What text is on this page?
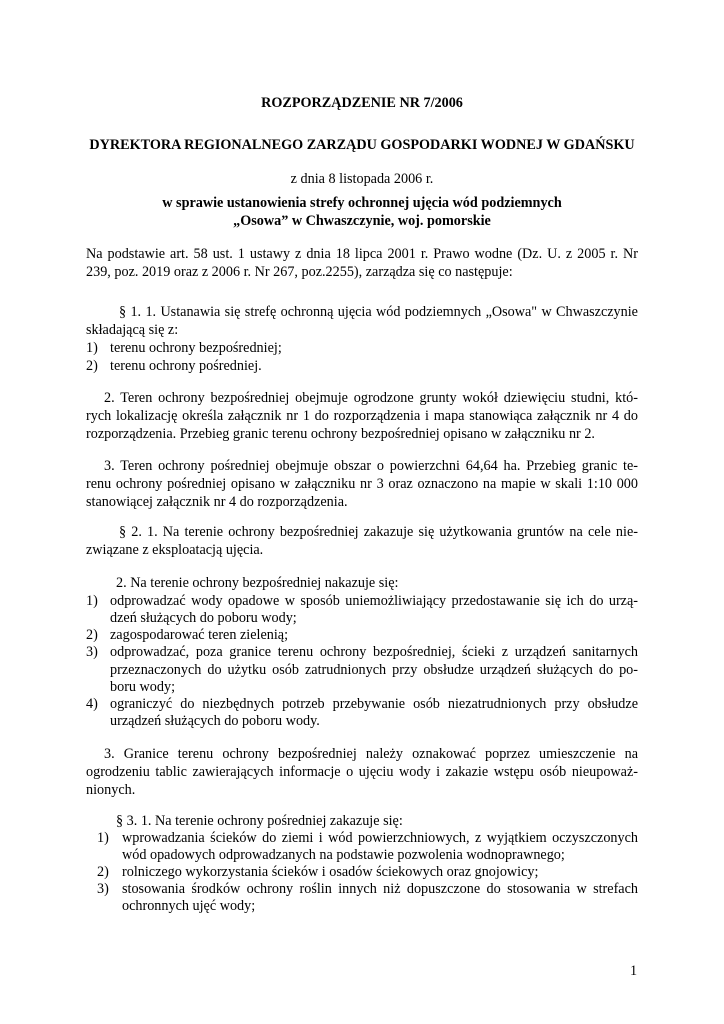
ROZPORZĄDZENIE NR 7/2006
DYREKTORA REGIONALNEGO ZARZĄDU GOSPODARKI WODNEJ W GDAŃSKU
z dnia 8 listopada 2006 r.
w sprawie ustanowienia strefy ochronnej ujęcia wód podziemnych
„Osowa” w Chwaszczynie, woj. pomorskie
Na podstawie art. 58 ust. 1 ustawy z dnia 18 lipca 2001 r. Prawo wodne (Dz. U. z 2005 r. Nr
239, poz. 2019 oraz z 2006 r. Nr 267, poz.2255), zarządza się co następuje:
§ 1. 1. Ustanawia się strefę ochronną ujęcia wód podziemnych „Osowa" w Chwaszczynie
składającą się z:
1) terenu ochrony bezpośredniej;
2) terenu ochrony pośredniej.
2. Teren ochrony bezpośredniej obejmuje ogrodzone grunty wokół dziewięciu studni, któ-
rych lokalizację określa załącznik nr 1 do rozporządzenia i mapa stanowiąca załącznik nr 4 do
rozporządzenia. Przebieg granic terenu ochrony bezpośredniej opisano w załączniku nr 2.
3. Teren ochrony pośredniej obejmuje obszar o powierzchni 64,64 ha. Przebieg granic te-
renu ochrony pośredniej opisano w załączniku nr 3 oraz oznaczono na mapie w skali 1:10 000
stanowiącej załącznik nr 4 do rozporządzenia.
§ 2. 1. Na terenie ochrony bezpośredniej zakazuje się użytkowania gruntów na cele nie-
związane z eksploatacją ujęcia.
2. Na terenie ochrony bezpośredniej nakazuje się:
1) odprowadzać wody opadowe w sposób uniemożliwiający przedostawanie się ich do urzą-
dzeń służących do poboru wody;
2) zagospodarować teren zielenią;
3) odprowadzać, poza granice terenu ochrony bezpośredniej, ścieki z urządzeń sanitarnych
przeznaczonych do użytku osób zatrudnionych przy obsłudze urządzeń służących do po-
boru wody;
4) ograniczyć do niezbędnych potrzeb przebywanie osób niezatrudnionych przy obsłudze
urządzeń służących do poboru wody.
3. Granice terenu ochrony bezpośredniej należy oznakować poprzez umieszczenie na
ogrodzeniu tablic zawierających informacje o ujęciu wody i zakazie wstępu osób nieupoważ-
nionych.
§ 3. 1. Na terenie ochrony pośredniej zakazuje się:
1) wprowadzania ścieków do ziemi i wód powierzchniowych, z wyjątkiem oczyszczonych
wód opadowych odprowadzanych na podstawie pozwolenia wodnoprawnego;
2) rolniczego wykorzystania ścieków i osadów ściekowych oraz gnojowicy;
3) stosowania środków ochrony roślin innych niż dopuszczone do stosowania w strefach
ochronnych ujęć wody;
1
